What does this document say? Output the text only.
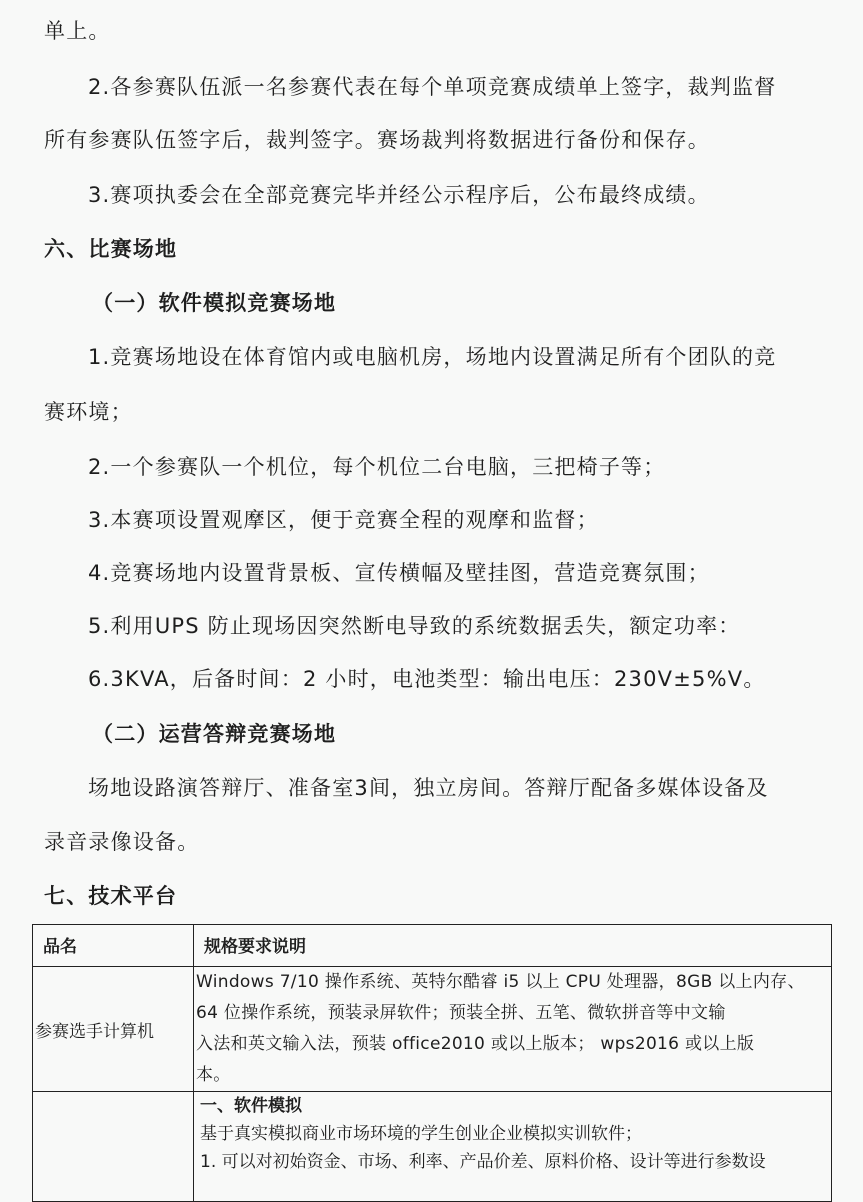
单上。
2.各参赛队伍派一名参赛代表在每个单项竞赛成绩单上签字，裁判监督
所有参赛队伍签字后，裁判签字。赛场裁判将数据进行备份和保存。
3.赛项执委会在全部竞赛完毕并经公示程序后，公布最终成绩。
六、比赛场地
（一）软件模拟竞赛场地
1.竞赛场地设在体育馆内或电脑机房，场地内设置满足所有个团队的竞
赛环境；
2.一个参赛队一个机位，每个机位二台电脑，三把椅子等；
3.本赛项设置观摩区，便于竞赛全程的观摩和监督；
4.竞赛场地内设置背景板、宣传横幅及壁挂图，营造竞赛氛围；
5.利用UPS 防止现场因突然断电导致的系统数据丢失，额定功率：
6.3KVA，后备时间：2 小时，电池类型：输出电压：230V±5%V。
（二）运营答辩竞赛场地
场地设路演答辩厅、准备室3间，独立房间。答辩厅配备多媒体设备及
录音录像设备。
七、技术平台
品名	规格要求说明
参赛选手计算机	Windows 7/10 操作系统、英特尔酷睿 i5 以上 CPU 处理器，8GB 以上内存、
64 位操作系统，预装录屏软件；预装全拼、五笔、微软拼音等中文输
入法和英文输入法，预装 office2010 或以上版本； wps2016 或以上版
本。

	一、软件模拟
基于真实模拟商业市场环境的学生创业企业模拟实训软件；
1. 可以对初始资金、市场、利率、产品价差、原料价格、设计等进行参数设
